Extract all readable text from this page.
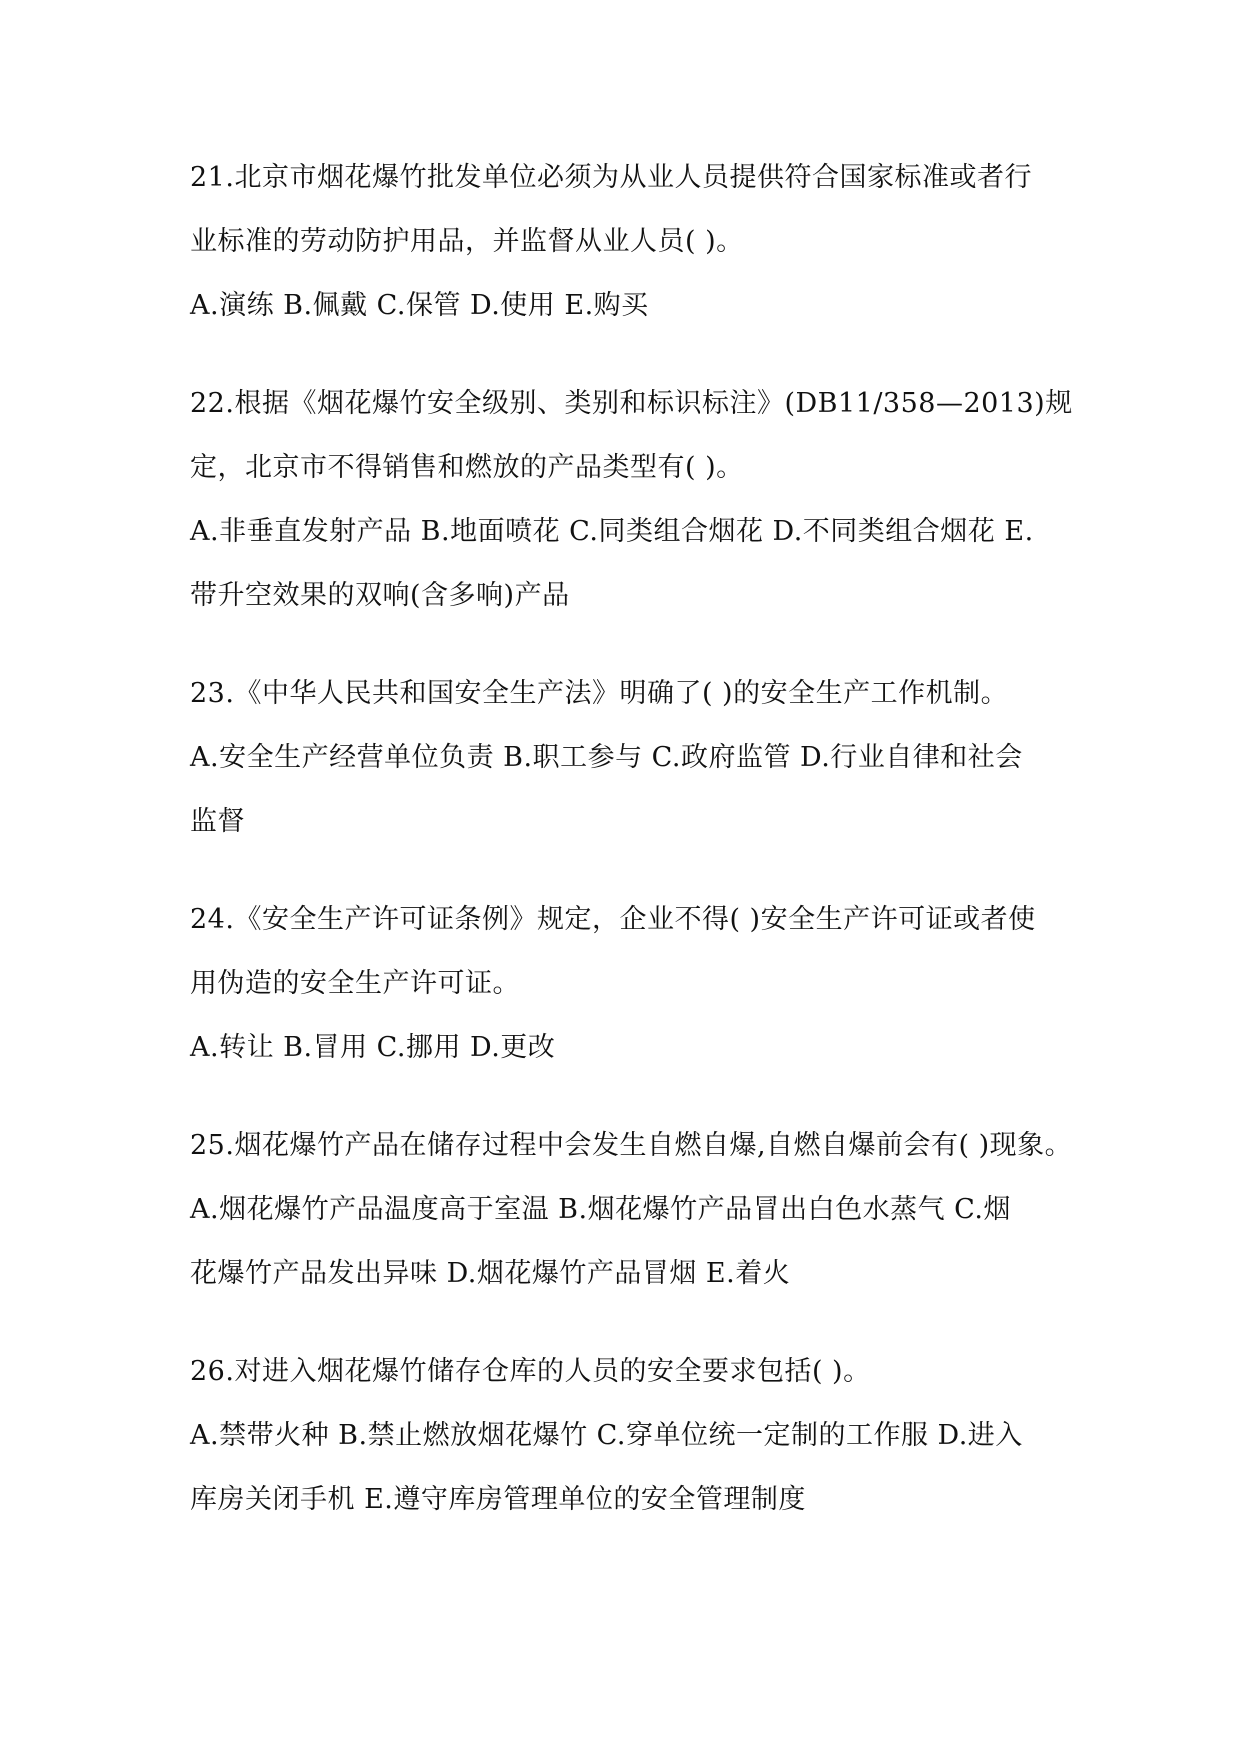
21.北京市烟花爆竹批发单位必须为从业人员提供符合国家标准或者行
业标准的劳动防护用品，并监督从业人员( )。
A.演练 B.佩戴 C.保管 D.使用 E.购买
22.根据《烟花爆竹安全级别、类别和标识标注》(DB11/358—2013)规
定，北京市不得销售和燃放的产品类型有( )。
A.非垂直发射产品 B.地面喷花 C.同类组合烟花 D.不同类组合烟花 E.
带升空效果的双响(含多响)产品
23.《中华人民共和国安全生产法》明确了( )的安全生产工作机制。
A.安全生产经营单位负责 B.职工参与 C.政府监管 D.行业自律和社会
监督
24.《安全生产许可证条例》规定，企业不得( )安全生产许可证或者使
用伪造的安全生产许可证。
A.转让 B.冒用 C.挪用 D.更改
25.烟花爆竹产品在储存过程中会发生自燃自爆,自燃自爆前会有( )现象。
A.烟花爆竹产品温度高于室温 B.烟花爆竹产品冒出白色水蒸气 C.烟
花爆竹产品发出异味 D.烟花爆竹产品冒烟 E.着火
26.对进入烟花爆竹储存仓库的人员的安全要求包括( )。
A.禁带火种 B.禁止燃放烟花爆竹 C.穿单位统一定制的工作服 D.进入
库房关闭手机 E.遵守库房管理单位的安全管理制度
